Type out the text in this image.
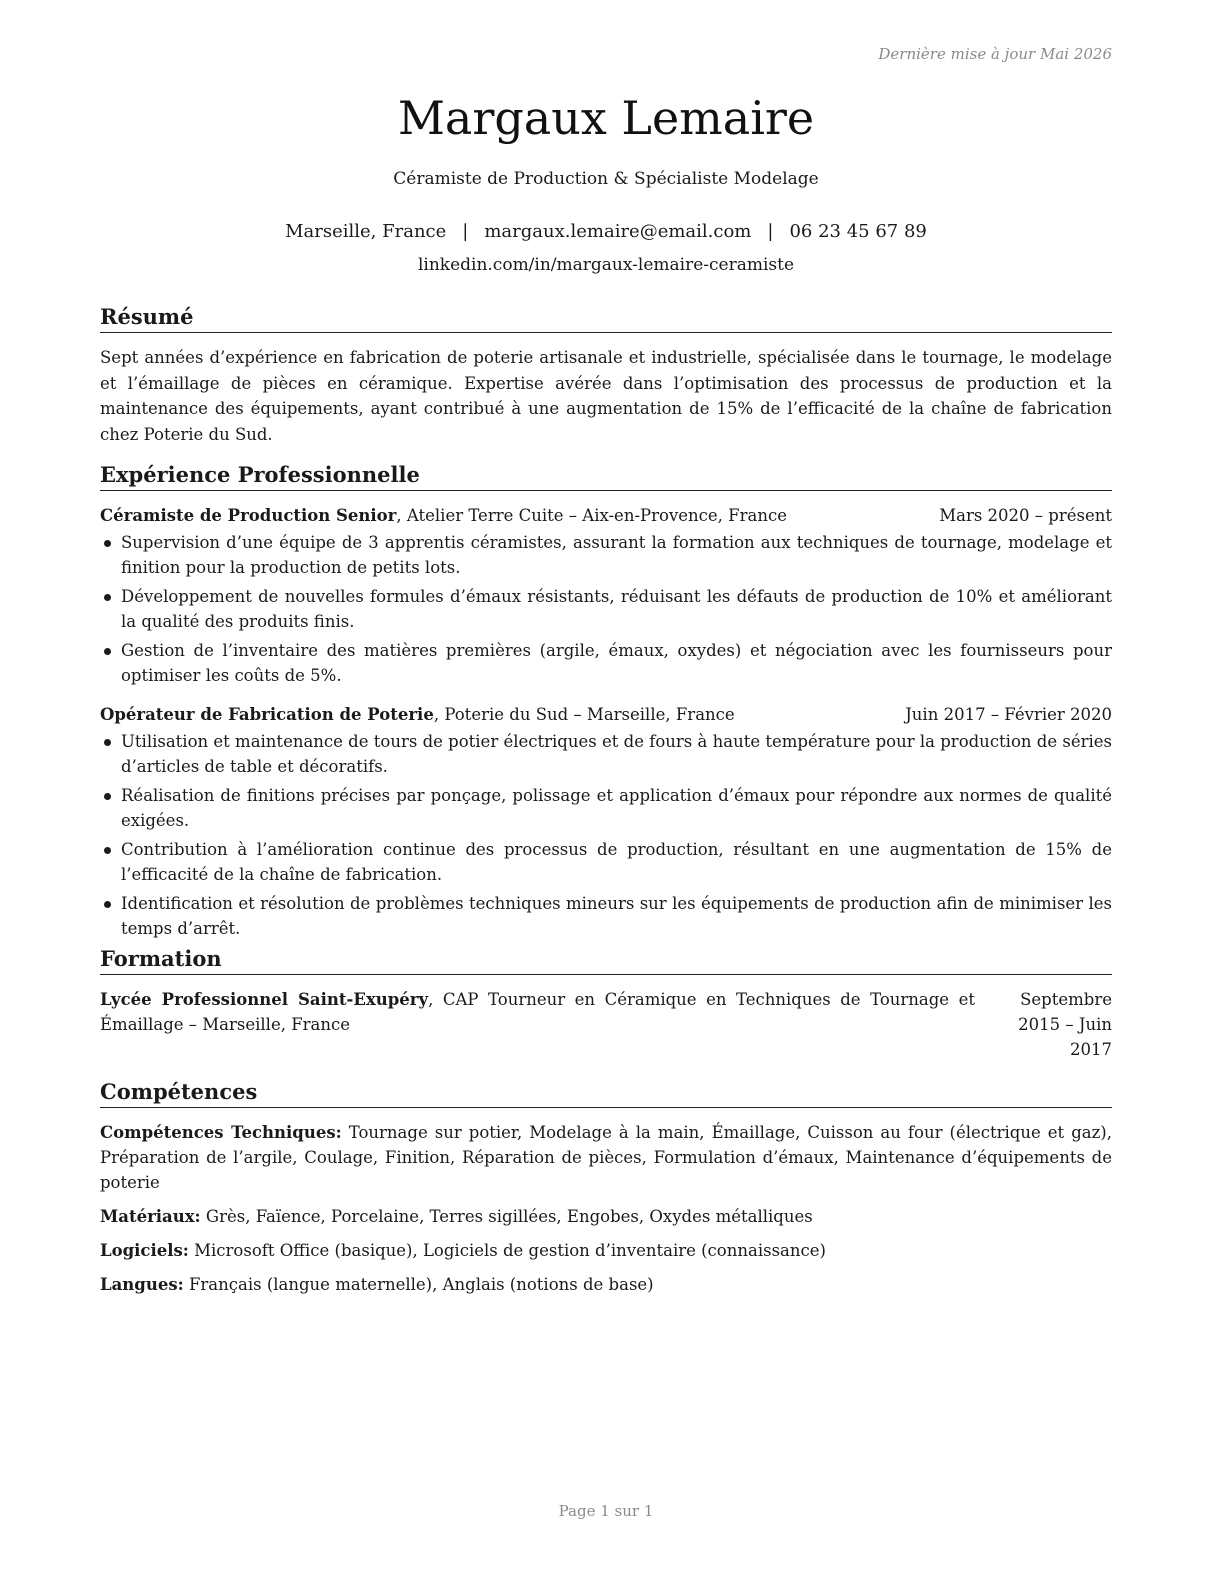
Dernière mise à jour Mai 2026
Margaux Lemaire
Céramiste de Production & Spécialiste Modelage
Marseille, France | margaux.lemaire@email.com | 06 23 45 67 89
linkedin.com/in/margaux-lemaire-ceramiste
Résumé

Sept années d’expérience en fabrication de poterie artisanale et industrielle, spécialisée dans le tournage, le modelage et l’émaillage de pièces en céramique. Expertise avérée dans l’optimisation des processus de production et la maintenance des équipements, ayant contribué à une augmentation de 15% de l’efficacité de la chaîne de fabrication chez Poterie du Sud.

Expérience Professionnelle
Céramiste de Production Senior, Atelier Terre Cuite – Aix-en-Provence, France	Mars 2020 – présent
Supervision d’une équipe de 3 apprentis céramistes, assurant la formation aux techniques de tournage, modelage et finition pour la production de petits lots.
Développement de nouvelles formules d’émaux résistants, réduisant les défauts de production de 10% et améliorant la qualité des produits finis.
Gestion de l’inventaire des matières premières (argile, émaux, oxydes) et négociation avec les fournisseurs pour optimiser les coûts de 5%.
Opérateur de Fabrication de Poterie, Poterie du Sud – Marseille, France	Juin 2017 – Février 2020
Utilisation et maintenance de tours de potier électriques et de fours à haute température pour la production de séries d’articles de table et décoratifs.
Réalisation de finitions précises par ponçage, polissage et application d’émaux pour répondre aux normes de qualité exigées.
Contribution à l’amélioration continue des processus de production, résultant en une augmentation de 15% de l’efficacité de la chaîne de fabrication.
Identification et résolution de problèmes techniques mineurs sur les équipements de production afin de minimiser les temps d’arrêt.
Formation
Lycée Professionnel Saint-Exupéry, CAP Tourneur en Céramique en Techniques de Tournage et Émaillage – Marseille, France
Septembre 2015 – Juin 2017
Compétences

Compétences Techniques: Tournage sur potier, Modelage à la main, Émaillage, Cuisson au four (électrique et gaz), Préparation de l’argile, Coulage, Finition, Réparation de pièces, Formulation d’émaux, Maintenance d’équipements de poterie

Matériaux: Grès, Faïence, Porcelaine, Terres sigillées, Engobes, Oxydes métalliques

Logiciels: Microsoft Office (basique), Logiciels de gestion d’inventaire (connaissance)

Langues: Français (langue maternelle), Anglais (notions de base)

Page 1 sur 1
